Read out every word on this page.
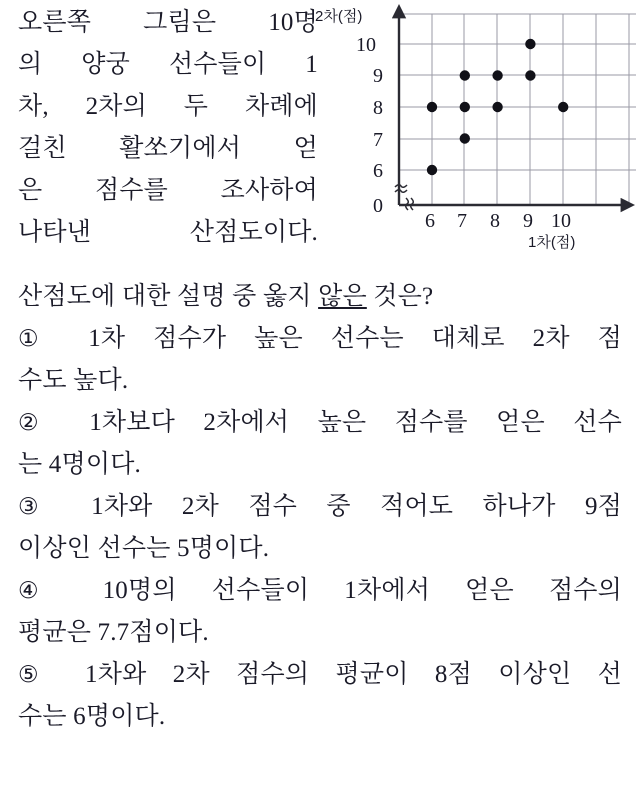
오른쪽 그림은 10명
의 양궁 선수들이 1
차, 2차의 두 차례에
걸친 활쏘기에서 얻
은 점수를 조사하여
나타낸 산점도이다.
산점도에 대한 설명 중 옳지 않은 것은?
① 1차 점수가 높은 선수는 대체로 2차 점
수도 높다.
② 1차보다 2차에서 높은 점수를 얻은 선수
는 4명이다.
③ 1차와 2차 점수 중 적어도 하나가 9점
이상인 선수는 5명이다.
④ 10명의 선수들이 1차에서 얻은 점수의
평균은 7.7점이다.
⑤ 1차와 2차 점수의 평균이 8점 이상인 선
수는 6명이다.
2차(점)
1차(점)
10
9
8
7
6
6 7 8 9 10
0
